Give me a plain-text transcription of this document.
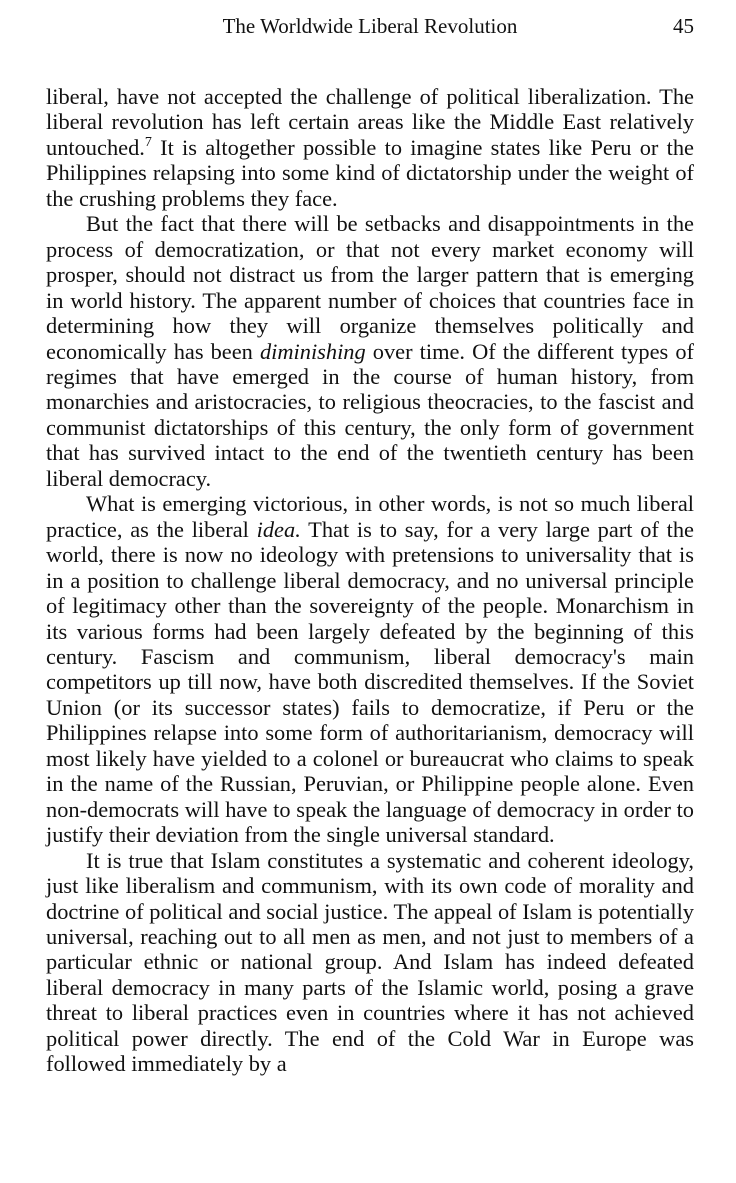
The Worldwide Liberal Revolution	45

liberal, have not accepted the challenge of political liberalization. The liberal revolution has left certain areas like the Middle East relatively untouched.$^7$ It is altogether possible to imagine states like Peru or the Philippines relapsing into some kind of dictatorship under the weight of the crushing problems they face.

But the fact that there will be setbacks and disappointments in the process of democratization, or that not every market economy will prosper, should not distract us from the larger pattern that is emerging in world history. The apparent number of choices that countries face in determining how they will organize themselves politically and economically has been diminishing over time. Of the different types of regimes that have emerged in the course of human history, from monarchies and aristocracies, to religious theocracies, to the fascist and communist dictatorships of this century, the only form of government that has survived intact to the end of the twentieth century has been liberal democracy.

What is emerging victorious, in other words, is not so much liberal practice, as the liberal idea. That is to say, for a very large part of the world, there is now no ideology with pretensions to universality that is in a position to challenge liberal democracy, and no universal principle of legitimacy other than the sovereignty of the people. Monarchism in its various forms had been largely defeated by the beginning of this century. Fascism and communism, liberal democracy's main competitors up till now, have both discredited themselves. If the Soviet Union (or its successor states) fails to democratize, if Peru or the Philippines relapse into some form of authoritarianism, democracy will most likely have yielded to a colonel or bureaucrat who claims to speak in the name of the Russian, Peruvian, or Philippine people alone. Even non-democrats will have to speak the language of democracy in order to justify their deviation from the single universal standard.

It is true that Islam constitutes a systematic and coherent ideology, just like liberalism and communism, with its own code of morality and doctrine of political and social justice. The appeal of Islam is potentially universal, reaching out to all men as men, and not just to members of a particular ethnic or national group. And Islam has indeed defeated liberal democracy in many parts of the Islamic world, posing a grave threat to liberal practices even in countries where it has not achieved political power directly. The end of the Cold War in Europe was followed immediately by a
